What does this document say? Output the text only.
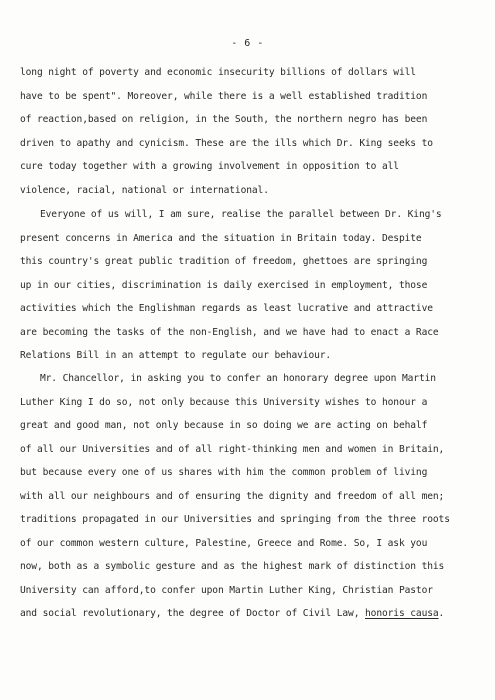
- 6 -
long night of poverty and economic insecurity billions of dollars will
have to be spent". Moreover, while there is a well established tradition
of reaction,based on religion, in the South, the northern negro has been
driven to apathy and cynicism. These are the ills which Dr. King seeks to
cure today together with a growing involvement in opposition to all
violence, racial, national or international.
Everyone of us will, I am sure, realise the parallel between Dr. King's
present concerns in America and the situation in Britain today. Despite
this country's great public tradition of freedom, ghettoes are springing
up in our cities, discrimination is daily exercised in employment, those
activities which the Englishman regards as least lucrative and attractive
are becoming the tasks of the non-English, and we have had to enact a Race
Relations Bill in an attempt to regulate our behaviour.
Mr. Chancellor, in asking you to confer an honorary degree upon Martin
Luther King I do so, not only because this University wishes to honour a
great and good man, not only because in so doing we are acting on behalf
of all our Universities and of all right-thinking men and women in Britain,
but because every one of us shares with him the common problem of living
with all our neighbours and of ensuring the dignity and freedom of all men;
traditions propagated in our Universities and springing from the three roots
of our common western culture, Palestine, Greece and Rome. So, I ask you
now, both as a symbolic gesture and as the highest mark of distinction this
University can afford,to confer upon Martin Luther King, Christian Pastor
and social revolutionary, the degree of Doctor of Civil Law, honoris causa.
